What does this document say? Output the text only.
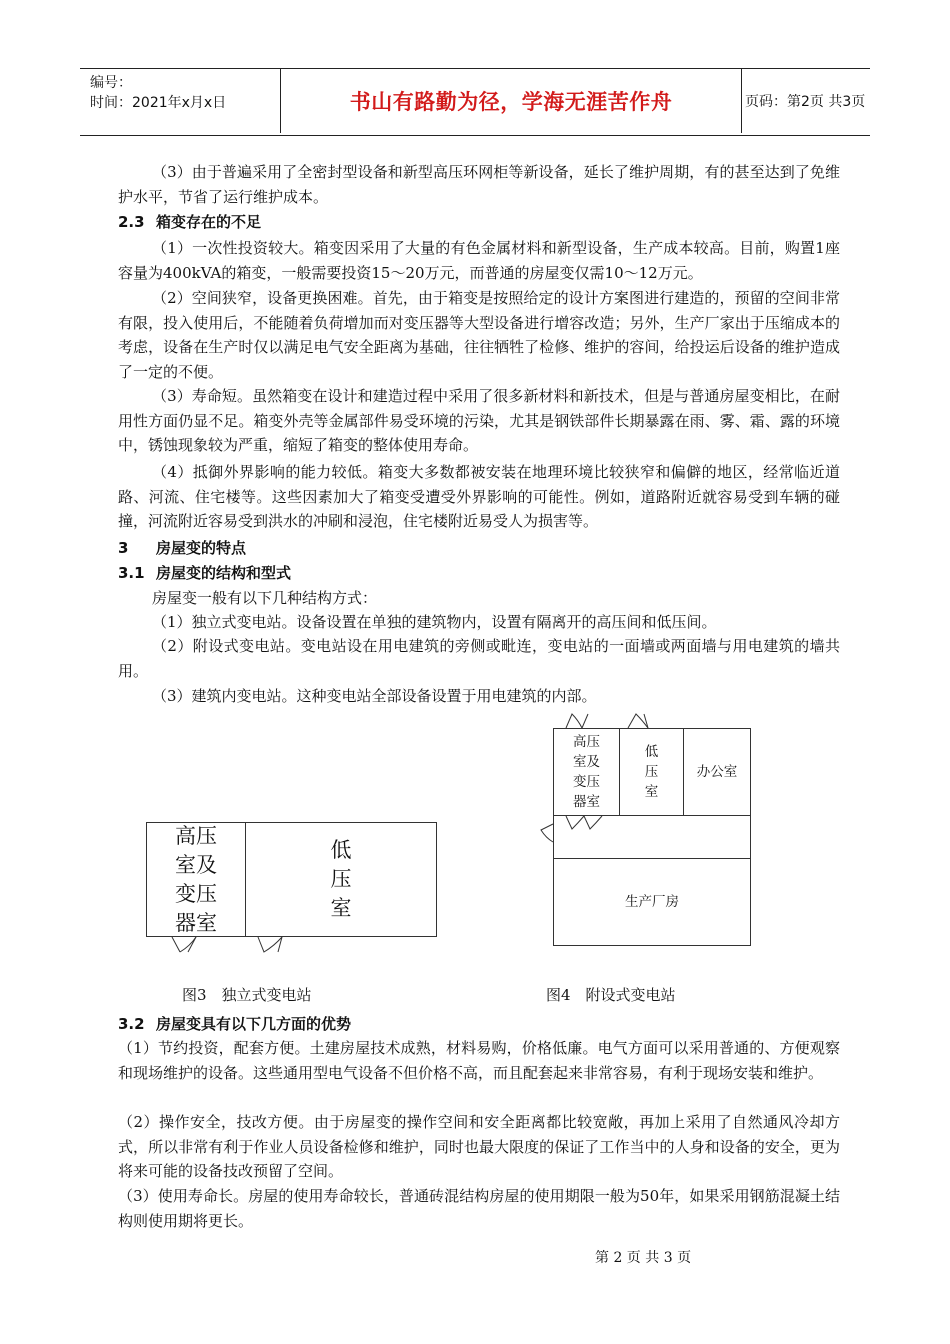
编号：
时间：2021年x月x日	书山有路勤为径，学海无涯苦作舟	页码：第2页 共3页

（3）由于普遍采用了全密封型设备和新型高压环网柜等新设备，延长了维护周期，有的甚至达到了免维护水平，节省了运行维护成本。

2.3 箱变存在的不足

（1）一次性投资较大。箱变因采用了大量的有色金属材料和新型设备，生产成本较高。目前，购置1座容量为400kVA的箱变，一般需要投资15～20万元，而普通的房屋变仅需10～12万元。

（2）空间狭窄，设备更换困难。首先，由于箱变是按照给定的设计方案图进行建造的，预留的空间非常有限，投入使用后，不能随着负荷增加而对变压器等大型设备进行增容改造；另外，生产厂家出于压缩成本的考虑，设备在生产时仅以满足电气安全距离为基础，往往牺牲了检修、维护的容间，给投运后设备的维护造成了一定的不便。

（3）寿命短。虽然箱变在设计和建造过程中采用了很多新材料和新技术，但是与普通房屋变相比，在耐用性方面仍显不足。箱变外壳等金属部件易受环境的污染，尤其是钢铁部件长期暴露在雨、雾、霜、露的环境中，锈蚀现象较为严重，缩短了箱变的整体使用寿命。

（4）抵御外界影响的能力较低。箱变大多数都被安装在地理环境比较狭窄和偏僻的地区，经常临近道路、河流、住宅楼等。这些因素加大了箱变受遭受外界影响的可能性。例如，道路附近就容易受到车辆的碰撞，河流附近容易受到洪水的冲刷和浸泡，住宅楼附近易受人为损害等。

3 房屋变的特点

3.1 房屋变的结构和型式

房屋变一般有以下几种结构方式：

（1）独立式变电站。设备设置在单独的建筑物内，设置有隔离开的高压间和低压间。

（2）附设式变电站。变电站设在用电建筑的旁侧或毗连，变电站的一面墙或两面墙与用电建筑的墙共用。

（3）建筑内变电站。这种变电站全部设备设置于用电建筑的内部。

高压室及变压器室
低压室
图3　独立式变电站
高压室及变压器室
低压室
办公室
生产厂房
图4　附设式变电站

3.2 房屋变具有以下几方面的优势

（1）节约投资，配套方便。土建房屋技术成熟，材料易购，价格低廉。电气方面可以采用普通的、方便观察和现场维护的设备。这些通用型电气设备不但价格不高，而且配套起来非常容易，有利于现场安装和维护。

（2）操作安全，技改方便。由于房屋变的操作空间和安全距离都比较宽敞，再加上采用了自然通风冷却方式，所以非常有利于作业人员设备检修和维护，同时也最大限度的保证了工作当中的人身和设备的安全，更为将来可能的设备技改预留了空间。

（3）使用寿命长。房屋的使用寿命较长，普通砖混结构房屋的使用期限一般为50年，如果采用钢筋混凝土结构则使用期将更长。

第 2 页 共 3 页
